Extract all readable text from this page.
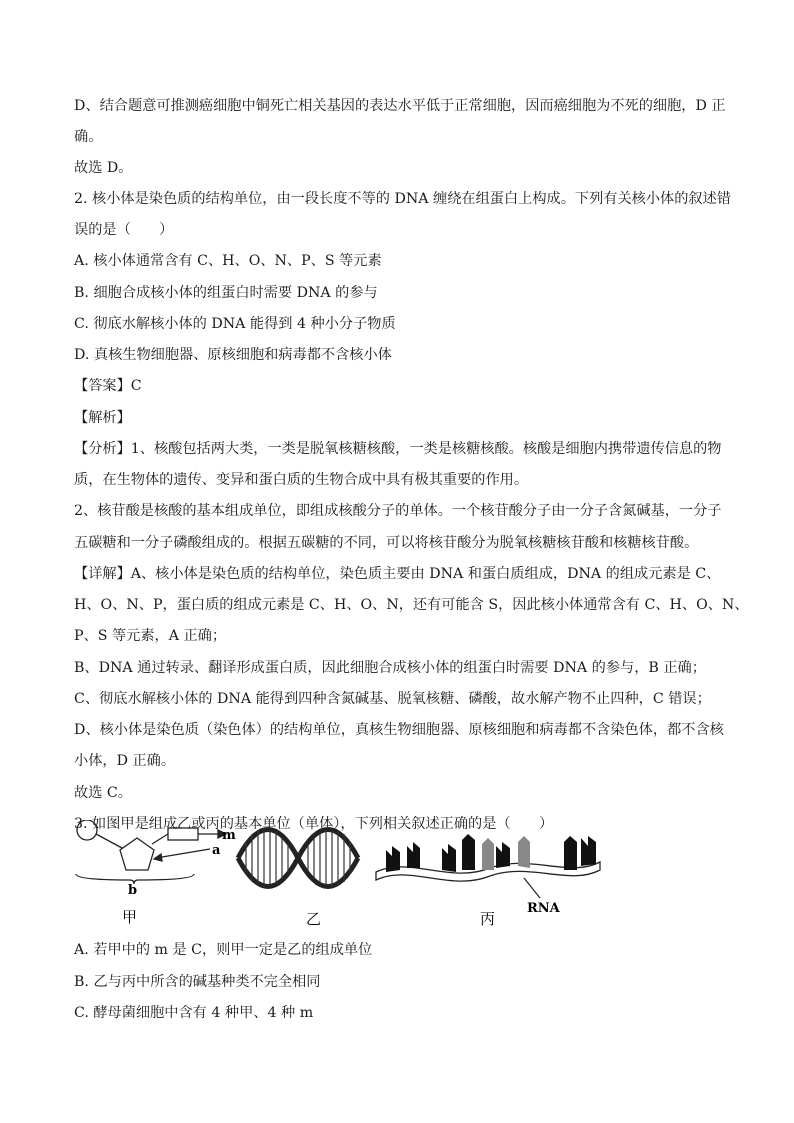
D、结合题意可推测癌细胞中铜死亡相关基因的表达水平低于正常细胞，因而癌细胞为不死的细胞，D 正
确。
故选 D。
2. 核小体是染色质的结构单位，由一段长度不等的 DNA 缠绕在组蛋白上构成。下列有关核小体的叙述错
误的是（　　）
A. 核小体通常含有 C、H、O、N、P、S 等元素
B. 细胞合成核小体的组蛋白时需要 DNA 的参与
C. 彻底水解核小体的 DNA 能得到 4 种小分子物质
D. 真核生物细胞器、原核细胞和病毒都不含核小体
【答案】C
【解析】
【分析】1、核酸包括两大类，一类是脱氧核糖核酸，一类是核糖核酸。核酸是细胞内携带遗传信息的物
质，在生物体的遗传、变异和蛋白质的生物合成中具有极其重要的作用。
2、核苷酸是核酸的基本组成单位，即组成核酸分子的单体。一个核苷酸分子由一分子含氮碱基，一分子
五碳糖和一分子磷酸组成的。根据五碳糖的不同，可以将核苷酸分为脱氧核糖核苷酸和核糖核苷酸。
【详解】A、核小体是染色质的结构单位，染色质主要由 DNA 和蛋白质组成，DNA 的组成元素是 C、
H、O、N、P，蛋白质的组成元素是 C、H、O、N，还有可能含 S，因此核小体通常含有 C、H、O、N、
P、S 等元素，A 正确；
B、DNA 通过转录、翻译形成蛋白质，因此细胞合成核小体的组蛋白时需要 DNA 的参与，B 正确；
C、彻底水解核小体的 DNA 能得到四种含氮碱基、脱氧核糖、磷酸，故水解产物不止四种，C 错误；
D、核小体是染色质（染色体）的结构单位，真核生物细胞器、原核细胞和病毒都不含染色体，都不含核
小体，D 正确。
故选 C。
3. 如图甲是组成乙或丙的基本单位（单体），下列相关叙述正确的是（　　）
m
a
b
RNA
甲	乙	丙
A. 若甲中的 m 是 C，则甲一定是乙的组成单位
B. 乙与丙中所含的碱基种类不完全相同
C. 酵母菌细胞中含有 4 种甲、4 种 m
